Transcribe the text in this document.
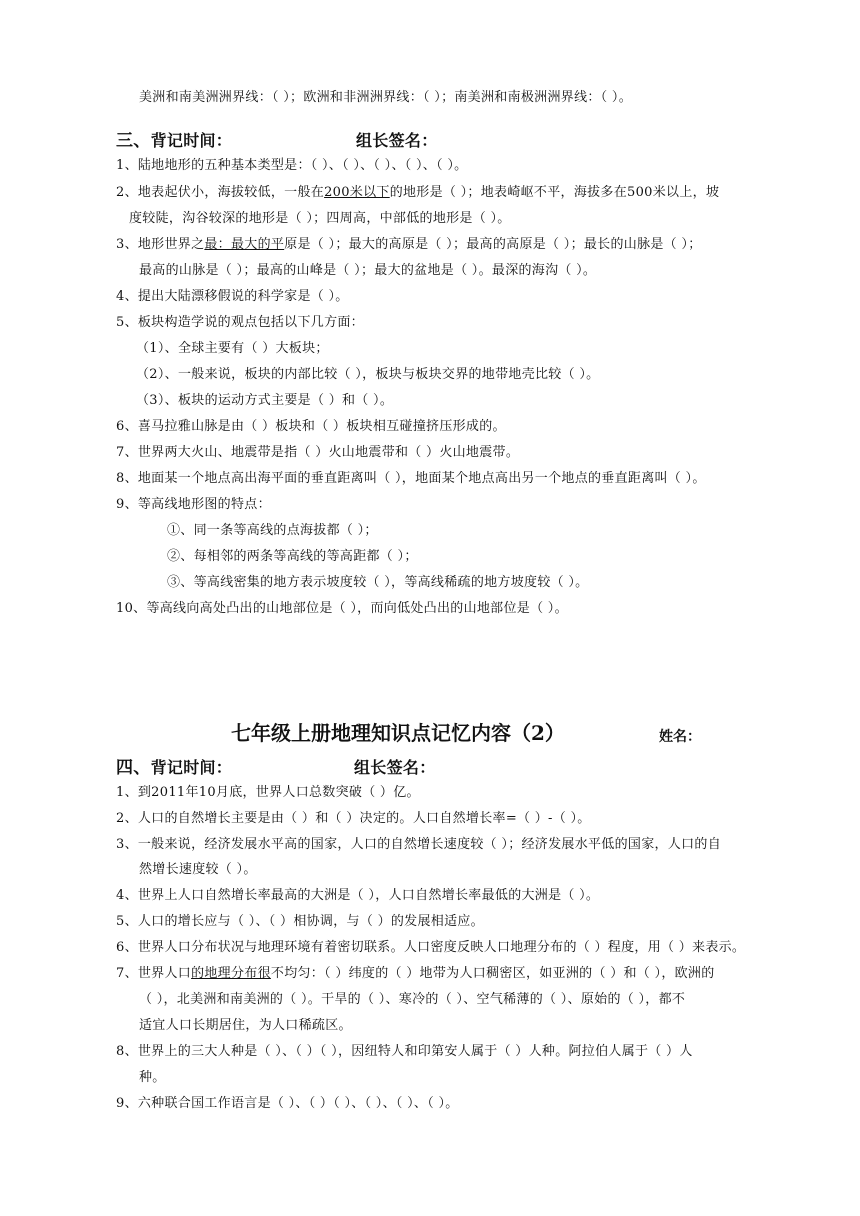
美洲和南美洲洲界线：（ ）；欧洲和非洲洲界线：（ ）；南美洲和南极洲洲界线：（ ）。
三、背记时间：	组长签名：
1、陆地地形的五种基本类型是：（ ）、（ ）、（ ）、（ ）、（ ）。
2、地表起伏小，海拔较低，一般在200米以下的地形是（ ）；地表崎岖不平，海拔多在500米以上，坡
度较陡，沟谷较深的地形是（ ）；四周高，中部低的地形是（ ）。
3、地形世界之最：最大的平原是（ ）；最大的高原是（ ）；最高的高原是（ ）；最长的山脉是（ ）；
最高的山脉是（ ）；最高的山峰是（ ）；最大的盆地是（ ）。最深的海沟（ ）。
4、提出大陆漂移假说的科学家是（ ）。
5、板块构造学说的观点包括以下几方面：
（1）、全球主要有（ ）大板块；
（2）、一般来说，板块的内部比较（ ），板块与板块交界的地带地壳比较（ ）。
（3）、板块的运动方式主要是（ ）和（ ）。
6、喜马拉雅山脉是由（ ）板块和（ ）板块相互碰撞挤压形成的。
7、世界两大火山、地震带是指（ ）火山地震带和（ ）火山地震带。
8、地面某一个地点高出海平面的垂直距离叫（ ），地面某个地点高出另一个地点的垂直距离叫（ ）。
9、等高线地形图的特点：
①、同一条等高线的点海拔都（ ）；
②、每相邻的两条等高线的等高距都（ ）；
③、等高线密集的地方表示坡度较（ ），等高线稀疏的地方坡度较（ ）。
10、等高线向高处凸出的山地部位是（ ），而向低处凸出的山地部位是（ ）。
七年级上册地理知识点记忆内容（2）	姓名：
四、背记时间：	组长签名：
1、到2011年10月底，世界人口总数突破（ ）亿。
2、人口的自然增长主要是由（ ）和（ ）决定的。人口自然增长率=（ ）-（ ）。
3、一般来说，经济发展水平高的国家，人口的自然增长速度较（ ）；经济发展水平低的国家，人口的自
然增长速度较（ ）。
4、世界上人口自然增长率最高的大洲是（ ），人口自然增长率最低的大洲是（ ）。
5、人口的增长应与（ ）、（ ）相协调，与（ ）的发展相适应。
6、世界人口分布状况与地理环境有着密切联系。人口密度反映人口地理分布的（ ）程度，用（ ）来表示。
7、世界人口的地理分布很不均匀：（ ）纬度的（ ）地带为人口稠密区，如亚洲的（ ）和（ ），欧洲的
（ ），北美洲和南美洲的（ ）。干旱的（ ）、寒冷的（ ）、空气稀薄的（ ）、原始的（ ），都不
适宜人口长期居住，为人口稀疏区。
8、世界上的三大人种是（ ）、（ ）（ ），因纽特人和印第安人属于（ ）人种。阿拉伯人属于（ ）人
种。
9、六种联合国工作语言是（ ）、（ ）（ ）、（ ）、（ ）、（ ）。
